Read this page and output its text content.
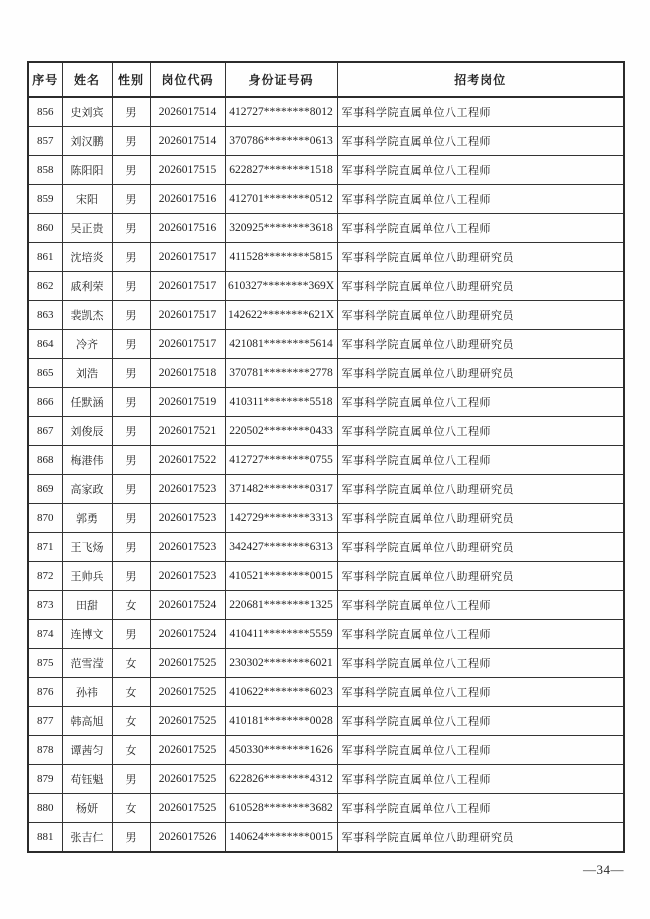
序号	姓名	性别	岗位代码	身份证号码	招考岗位
856	史刘宾	男	2026017514	412727********8012	军事科学院直属单位八工程师
857	刘汉鹏	男	2026017514	370786********0613	军事科学院直属单位八工程师
858	陈阳阳	男	2026017515	622827********1518	军事科学院直属单位八工程师
859	宋阳	男	2026017516	412701********0512	军事科学院直属单位八工程师
860	吴正贵	男	2026017516	320925********3618	军事科学院直属单位八工程师
861	沈培炎	男	2026017517	411528********5815	军事科学院直属单位八助理研究员
862	戚利荣	男	2026017517	610327********369X	军事科学院直属单位八助理研究员
863	裴凯杰	男	2026017517	142622********621X	军事科学院直属单位八助理研究员
864	冷齐	男	2026017517	421081********5614	军事科学院直属单位八助理研究员
865	刘浩	男	2026017518	370781********2778	军事科学院直属单位八助理研究员
866	任默涵	男	2026017519	410311********5518	军事科学院直属单位八工程师
867	刘俊辰	男	2026017521	220502********0433	军事科学院直属单位八工程师
868	梅港伟	男	2026017522	412727********0755	军事科学院直属单位八工程师
869	高家政	男	2026017523	371482********0317	军事科学院直属单位八助理研究员
870	郭勇	男	2026017523	142729********3313	军事科学院直属单位八助理研究员
871	王飞炀	男	2026017523	342427********6313	军事科学院直属单位八助理研究员
872	王帅兵	男	2026017523	410521********0015	军事科学院直属单位八助理研究员
873	田甜	女	2026017524	220681********1325	军事科学院直属单位八工程师
874	连博文	男	2026017524	410411********5559	军事科学院直属单位八工程师
875	范雪滢	女	2026017525	230302********6021	军事科学院直属单位八工程师
876	孙祎	女	2026017525	410622********6023	军事科学院直属单位八工程师
877	韩高旭	女	2026017525	410181********0028	军事科学院直属单位八工程师
878	谭茜匀	女	2026017525	450330********1626	军事科学院直属单位八工程师
879	苟钰魁	男	2026017525	622826********4312	军事科学院直属单位八工程师
880	杨妍	女	2026017525	610528********3682	军事科学院直属单位八工程师
881	张吉仁	男	2026017526	140624********0015	军事科学院直属单位八助理研究员
—34—
